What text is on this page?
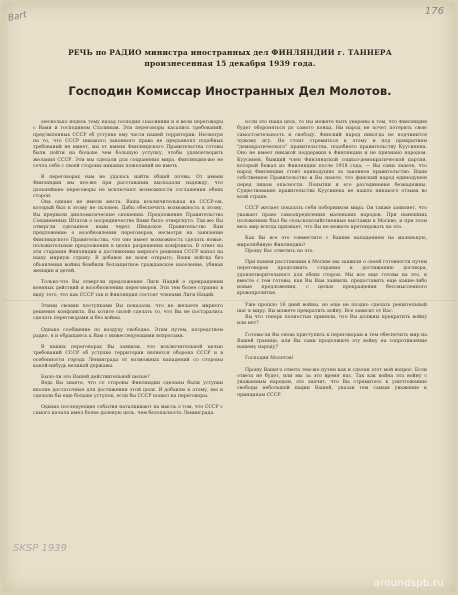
Bart	176
SKSP 1939
РЕЧЬ по РАДИО министра иностранных дел ФИНЛЯНДИИ г. ТАННЕРА
произнесенная 15 декабря 1939 года.
Господин Комиссар Иностранных Дел Молотов.

Несколько недель тому назад господин Паасикиви и я вели переговоры с Вами и господином Сталиным. Эти переговоры касались требований, пред'явленных СССР об уступке ему части нашей территории. Несмотря на то, что СССР никакого законного права не предъявлял подобных требований не имеет, мы от имени Финляндского Правительства готовы были пойти на больше чем большую уступку, чтобы удовлетворить желания СССР. Эти мы сделали для сохранения мира. Финляндия-же не сочла себя с своей стороны никаких пожеланий не иметь.

В переговорах нам не удалось найти общей почвы. От имени Финляндии мы все-же при расставании высказали надежду, что дальнейшие переговоры не исключают возможности соглашения обеих сторон.

Она однако не имели места. Ваша исключительная на СССР-ом, который был к этому не склонен. Дабы обеспечить возможность к этому, Вы прервали дипломатические сношения. Предложение Правительства Соединенных Штатов о посредничестве Вами было отвергнуто. Так-же Вы отвергли сделанное нами через Шведское Правительство Вам предложение о возобновлении переговоров, несмотря на заявление Финляндского Правительства, что оно имеет возможность сделать новые, положительные предложения в целях разрешения конфликта. В ответ на эти старания Финляндии к достижению мирного решения СССР напал на нашу мирную страну. В добавок не воюя открыто, Ваши войска без объявления войны бомбили беззащитное гражданское население, убивая женщин и детей.

Только-что Вы отвергли предложение Лиги Наций о прекращении военных действий и возобновлении переговоров. Эти тем более странно в виду того, что как СССР так и Финляндия состоят членами Лиги Наций.

Этими своими поступками Вы показали, что не желаете мирного решения конфликта. Вы хотите силой сделать то, что Вы не постарались сделать переговорами и без войны.

Однако сообщение по воздуху свободно. Этим путем, посредством радио, я и обращаюсь к Вам с нижеследующими вопросами.

В наших переговорах Вы заявили, что исключительной целью требований СССР об уступке территории является оборона СССР и в особенности города Ленинграда от возможных нападений со стороны какой-нибудь великой державы.

Было-ли это Вашей действительной целью?

Ведь Вы знаете, что со стороны Финляндии сделаны были уступки вполне достаточные для достижения этой цели. Я добавлю к этому, мы и сделали бы еще больше уступок, если бы СССР пошел на переговоры.

Однако последующие события наталкивают на мысль о том, что СССР с самого начала имел более далекую цель, чем безопасность Ленинграда.

Если это Ваша цель, то Вы можете быть уверены в том, что Финляндия будет обороняться до самого конца. Ни народ не хочет потерять свою самостоятельность и свободу. Финский народ никогда не подчинится чужому игу. Не стоит стремиться к этому и под прикрытием "демократического" правительства, подобного правительству Куусинена. Оно не имеет никакой поддержки в Финляндии и не признано народом. Куусинен, бывший член Финляндской социал-демократической партии, который бежал из Финляндии после 1918 года, — Вы сами знаете, что народ Финляндии стоит единодушно за законное правительство. Ваше собственное Правительство и Вы знаете, что финский народ единодушен перед лицом опасности. Попытки и его раз'единения безнадежны. Существование правительства Куусинена не нашло никакого отзыва во всей стране.

СССР желает показать себя поборником мира. Он также заявляет, что уважает право самоопределения маленьких народов. При нынешних положениях был бы сельскохозяйственные выставки в Москве, и при этом весь мир всегда признает, что Вы не можете претендовать на это.

Как Вы все это совместите с Вашим нападением на маленькую, миролюбивую Финляндию?

Прошу Вас ответить на это.

При нашем расставании в Москве мы заявили о своей готовности путем переговоров продолжить старания к достижению договора, удовлетворительного для обеих сторон. Мы все еще готовы на это, и вместе с тем готовы, как Вы Вам заявили, предоставить еще какие-либо новые предложения, с целью прекращения бессмысленного кровопролития.

Уже прошло 16 дней войны, но еще не поздно сделать решительный шаг к миру. Вы можете прекратить войну. Все зависит от Вас.

Вы что теперь полностью приняли, что Вы должны прекратить войну или нет?

Готовы-ли Вы снова приступить к переговорам и тем обеспечить мир на Вашей границе, или Вы сами продолжите эту войну на сопротивление нашему народу?

Господин Молотов!

Прошу Вашего ответа тем-же путем как и сделан этот мой вопрос. Если ответа не будет, или мы за это время нас. Так как война эта войну с уважаемым народом, это значит, что Вы стремитесь к уничтожению свободы небольшой нации Вашей, указав тем самым уважение к принципам СССР.

aroundspb.ru
